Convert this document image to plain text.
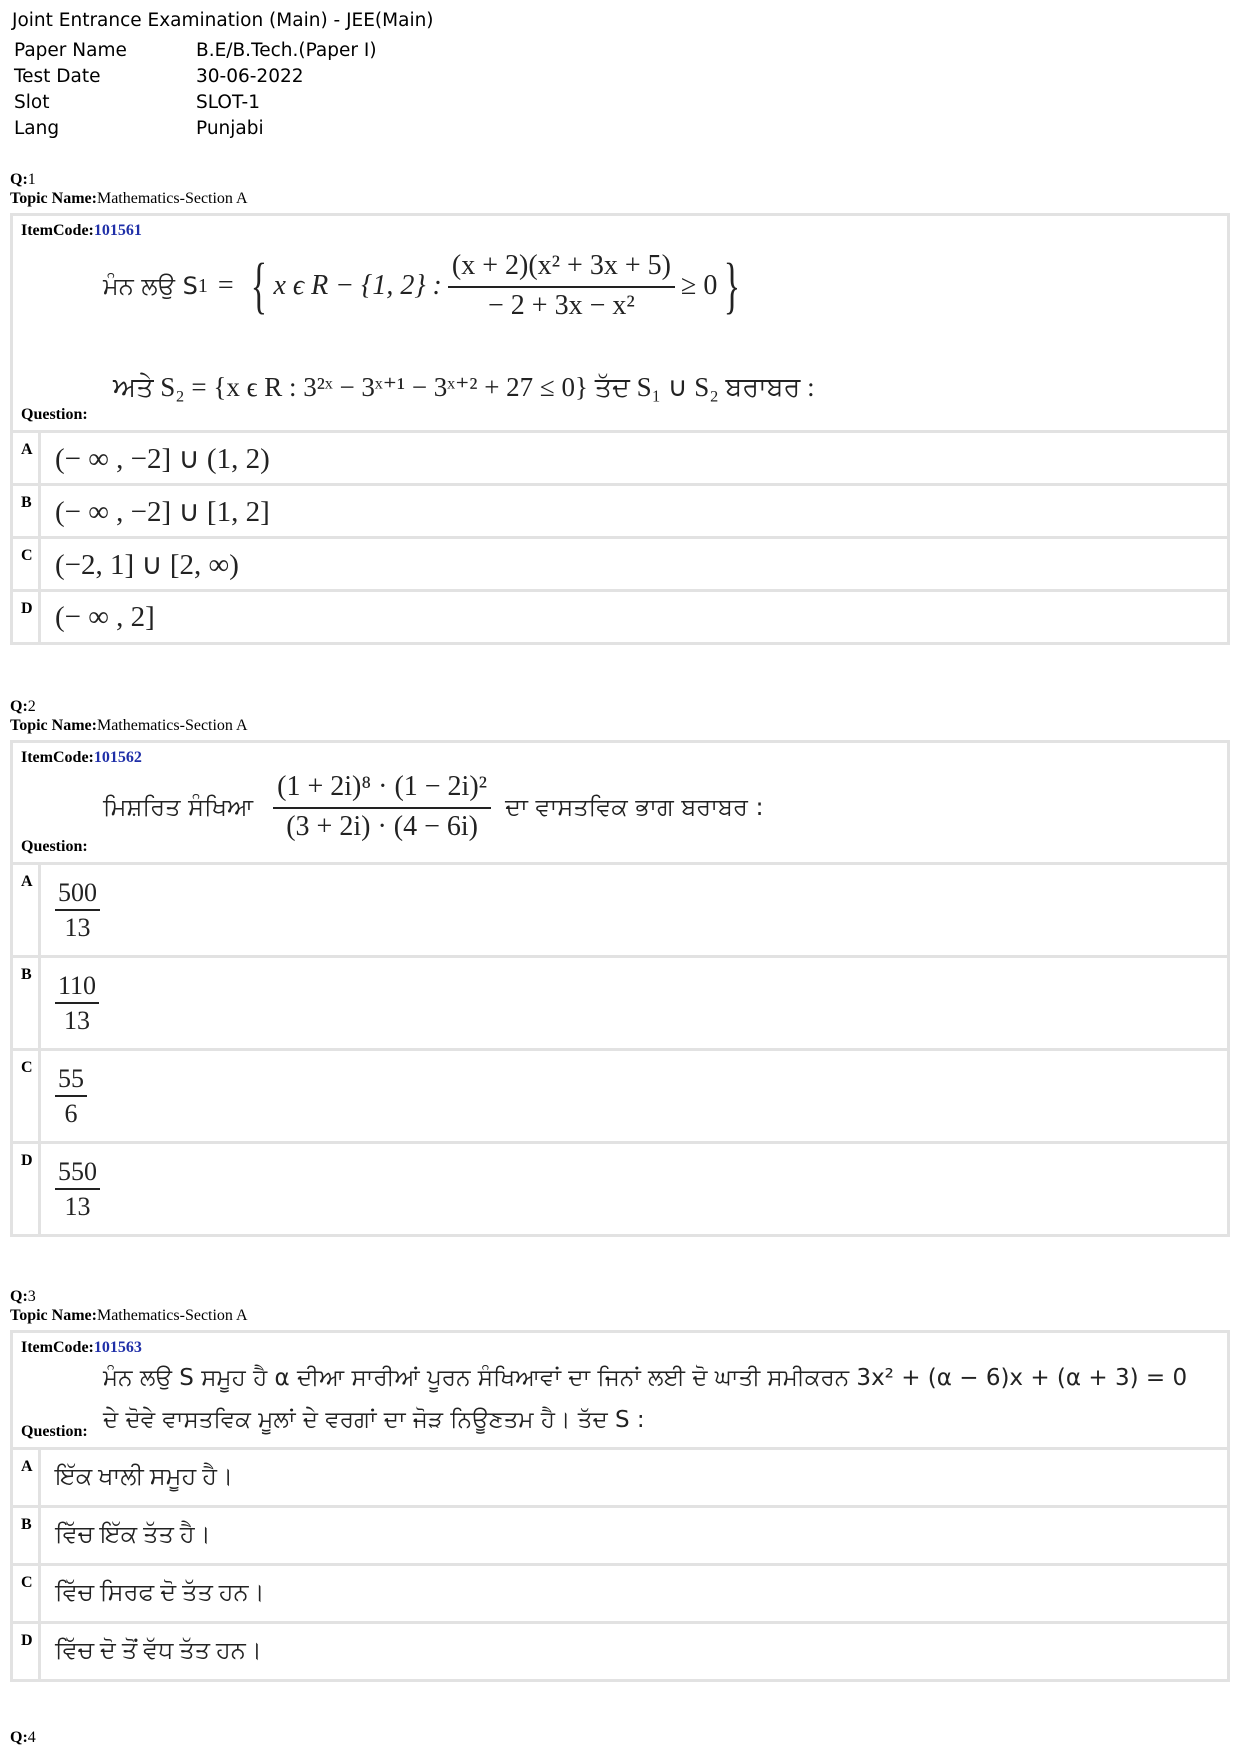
Joint Entrance Examination (Main) - JEE(Main)
Paper Name	B.E/B.Tech.(Paper I)
Test Date	30-06-2022
Slot	SLOT-1
Lang	Punjabi
Q:1
Topic Name:Mathematics-Section A
ItemCode:101561
ਮੰਨ ਲਉ S 1 = { x ϵ R − {1, 2} : $\frac{\text{(x + 2)(x² + 3x + 5)}}{\text{− 2 + 3x − x²}} \ge 0$ }
ਅਤੇ S₂ = {x ϵ R : 3²ˣ − 3ˣ⁺¹ − 3ˣ⁺² + 27 ≤ 0} ਤੱਦ S₁ ∪ S₂ ਬਰਾਬਰ :
Question:
A (− ∞ , −2] ∪ (1, 2)
B (− ∞ , −2] ∪ [1, 2]
C (−2, 1] ∪ [2, ∞)
D (− ∞ , 2]
Q:2
Topic Name:Mathematics-Section A
ItemCode:101562
ਮਿਸ਼ਰਿਤ ਸੰਖਿਆ
(1 + 2i)⁸ · (1 − 2i)²
(3 + 2i) · (4 − 6i)
ਦਾ ਵਾਸਤਵਿਕ ਭਾਗ ਬਰਾਬਰ :
Question:
A $\frac{500}{13}$
B $\frac{110}{13}$
C $\frac{55}{6}$
D $\frac{550}{13}$
Q:3
Topic Name:Mathematics-Section A
ItemCode:101563
ਮੰਨ ਲਉ S ਸਮੂਹ ਹੈ α ਦੀਆ ਸਾਰੀਆਂ ਪੂਰਨ ਸੰਖਿਆਵਾਂ ਦਾ ਜਿਨਾਂ ਲਈ ਦੋ ਘਾਤੀ ਸਮੀਕਰਨ 3x² + (α − 6)x + (α + 3) = 0
ਦੇ ਦੋਵੇ ਵਾਸਤਵਿਕ ਮੂਲਾਂ ਦੇ ਵਰਗਾਂ ਦਾ ਜੋੜ ਨਿਊਣਤਮ ਹੈ। ਤੱਦ S :
Question:
A ਇੱਕ ਖਾਲੀ ਸਮੂਹ ਹੈ।
B ਵਿੱਚ ਇੱਕ ਤੱਤ ਹੈ।
C ਵਿੱਚ ਸਿਰਫ ਦੋ ਤੱਤ ਹਨ।
D ਵਿੱਚ ਦੋ ਤੋਂ ਵੱਧ ਤੱਤ ਹਨ।
Q:4
